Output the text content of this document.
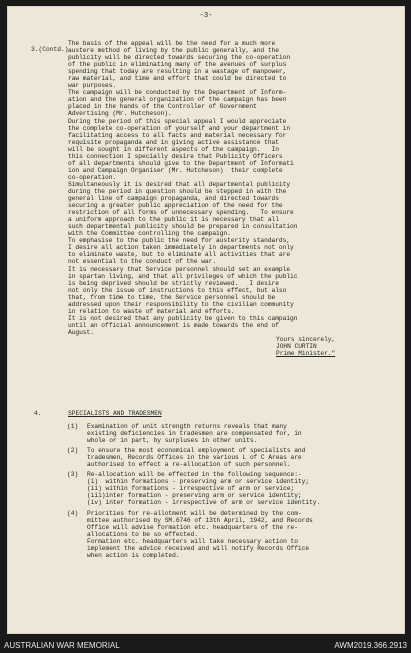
-3-
3.(Contd.)
The basis of the appeal will be the need for a much more
austere method of living by the public generally, and the
publicity will be directed towards securing the co-operation
of the public in eliminating many of the avenues of surplus
spending that today are resulting in a wastage of manpower,
raw material, and time and effort that could be directed to
war purposes.
The campaign will be conducted by the Department of Inform-
ation and the general organization of the campaign has been
placed in the hands of the Controller of Government
Advertising (Mr. Hutcheson).
During the period of this special appeal I would appreciate
the complete co-operation of yourself and your department in
facilitating access to all facts and material necessary for
requisite propaganda and in giving active assistance that
will be sought in different aspects of the campaign.   In
this connection I specially desire that Publicity Officers
of all departments should give to the Department of Informati
ion and Campaign Organiser (Mr. Hutcheson)  their complete
co-operation.
Simultaneously it is desired that all departmental publicity
during the period in question should be stepped in with the
general line of campaign propaganda, and directed towards
securing a greater public appreciation of the need for the
restriction of all forms of unnecessary spending.   To ensure
a uniform approach to the public it is necessary that all
such departmental publicity should be prepared in consultation
with the Committee controlling the campaign.
To emphasise to the public the need for austerity standards,
I desire all action taken immediately in departments not only
to eliminate waste, but to eliminate all activities that are
not essential to the conduct of the war.
It is necessary that Service personnel should set an example
in spartan living, and that all privileges of which the public
is being deprived should be strictly reviewed.   I desire
not only the issue of instructions to this effect, but also
that, from time to time, the Service personnel should be
addressed upon their responsibility to the civilian community
in relation to waste of material and efforts.
It is not desired that any publicity be given to this campaign
until an official announcement is made towards the end of
August.
Yours sincerely,
JOHN CURTIN
Prime Minister."
4.	SPECIALISTS AND TRADESMEN
(1) Examination of unit strength returns reveals that many
existing deficiencies in tradesmen are compensated for, in
whole or in part, by surpluses in other units.
(2) To ensure the most economical employment of specialists and
tradesmen, Records Offices in the various L of C Areas are
authorised to effect a re-allocation of such personnel.
(3) Re-allocation will be effected in the following sequence:-
(i)  within formations - preserving arm or service identity;
(ii) within formations - irrespective of arm or service;
(iii)inter formation - preserving arm or service identity;
(iv) inter formation - irrespective of arm or service identity.
(4) Priorities for re-allotment will be determined by the com-
mittee authorised by SM.6746 of 13th April, 1942, and Records
Office will advise formation etc. headquarters of the re-
allocations to be so effected.
Formation etc. headquarters will take necessary action to
implement the advice received and will notify Records Office
when action is completed.
AUSTRALIAN WAR MEMORIAL	AWM2019.366.2913
